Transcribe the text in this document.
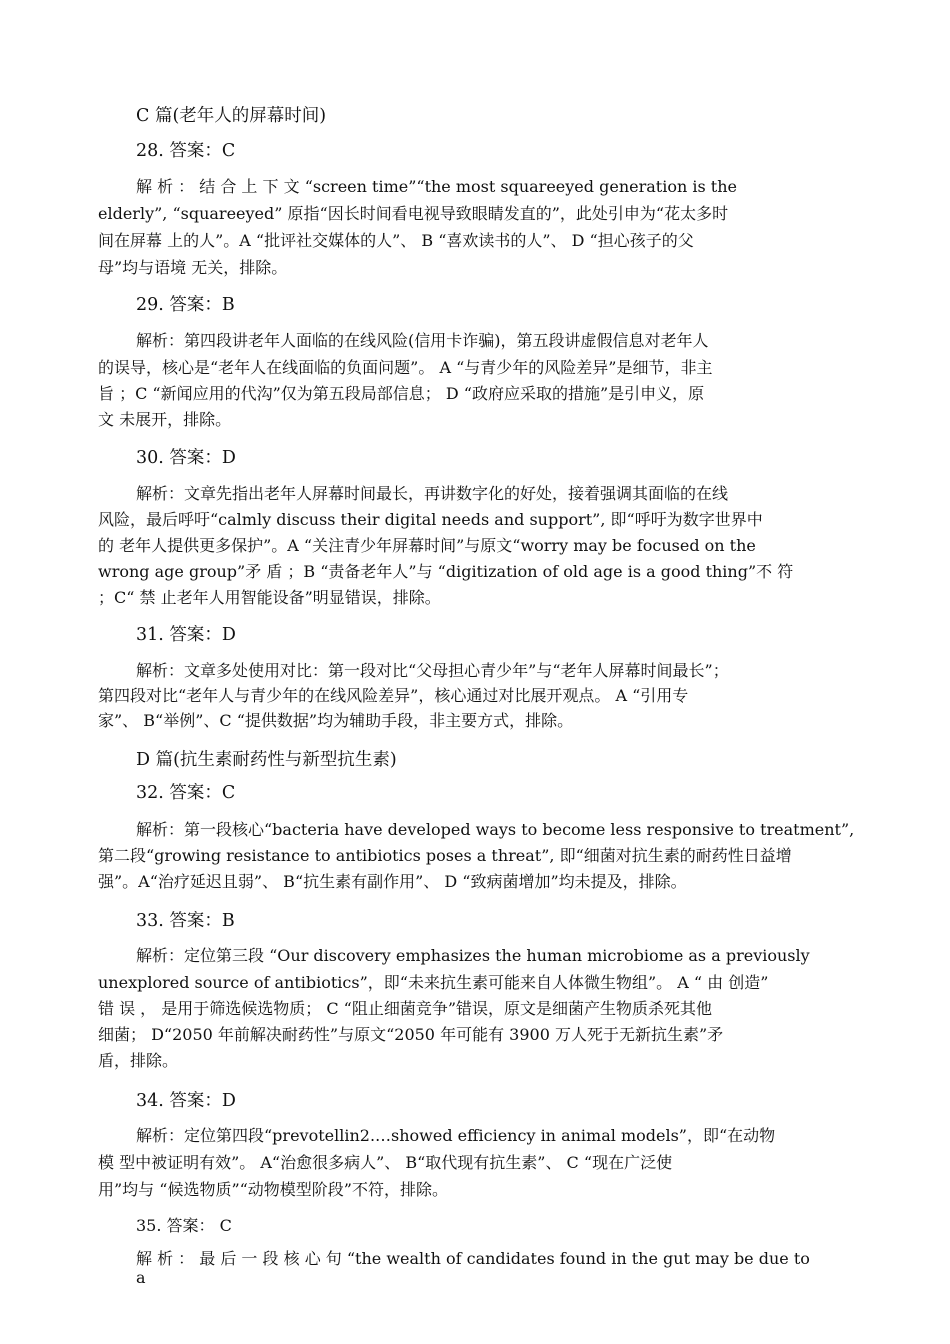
C 篇(老年人的屏幕时间)
28. 答案：C
解 析 ： 结 合 上 下 文 “screen time”“the most squareeyed generation is the
elderly”, “squareeyed” 原指“因长时间看电视导致眼睛发直的”，此处引申为“花太多时
间在屏幕 上的人”。A “批评社交媒体的人”、 B “喜欢读书的人”、 D “担心孩子的父
母”均与语境 无关，排除。
29. 答案：B
解析：第四段讲老年人面临的在线风险(信用卡诈骗)，第五段讲虚假信息对老年人
的误导，核心是“老年人在线面临的负面问题”。 A “与青少年的风险差异”是细节，非主
旨 ；C “新闻应用的代沟”仅为第五段局部信息； D “政府应采取的措施”是引申义，原
文 未展开，排除。
30. 答案：D
解析：文章先指出老年人屏幕时间最长，再讲数字化的好处，接着强调其面临的在线
风险，最后呼吁“calmly discuss their digital needs and support”, 即“呼吁为数字世界中
的 老年人提供更多保护”。A “关注青少年屏幕时间”与原文“worry may be focused on the
wrong age group”矛 盾 ；B “责备老年人”与 “digitization of old age is a good thing”不 符
；C“ 禁 止老年人用智能设备”明显错误，排除。
31. 答案：D
解析：文章多处使用对比：第一段对比“父母担心青少年”与“老年人屏幕时间最长”；
第四段对比“老年人与青少年的在线风险差异”，核心通过对比展开观点。 A “引用专
家”、 B“举例”、C “提供数据”均为辅助手段，非主要方式，排除。
D 篇(抗生素耐药性与新型抗生素)
32. 答案：C
解析：第一段核心“bacteria have developed ways to become less responsive to treatment”,
第二段“growing resistance to antibiotics poses a threat”, 即“细菌对抗生素的耐药性日益增
强”。A“治疗延迟且弱”、 B“抗生素有副作用”、 D “致病菌增加”均未提及，排除。
33. 答案：B
解析：定位第三段 “Our discovery emphasizes the human microbiome as a previously
unexplored source of antibiotics”，即“未来抗生素可能来自人体微生物组”。 A “ 由 创造”
错 误 ， 是用于筛选候选物质； C “阻止细菌竞争”错误，原文是细菌产生物质杀死其他
细菌； D“2050 年前解决耐药性”与原文“2050 年可能有 3900 万人死于无新抗生素”矛
盾，排除。
34. 答案：D
解析：定位第四段“prevotellin2.…showed efficiency in animal models”，即“在动物
模 型中被证明有效”。 A“治愈很多病人”、 B“取代现有抗生素”、 C “现在广泛使
用”均与 “候选物质”“动物模型阶段”不符，排除。
35. 答案： C
解 析 ： 最 后 一 段 核 心 句 “the wealth of candidates found in the gut may be due to
a
